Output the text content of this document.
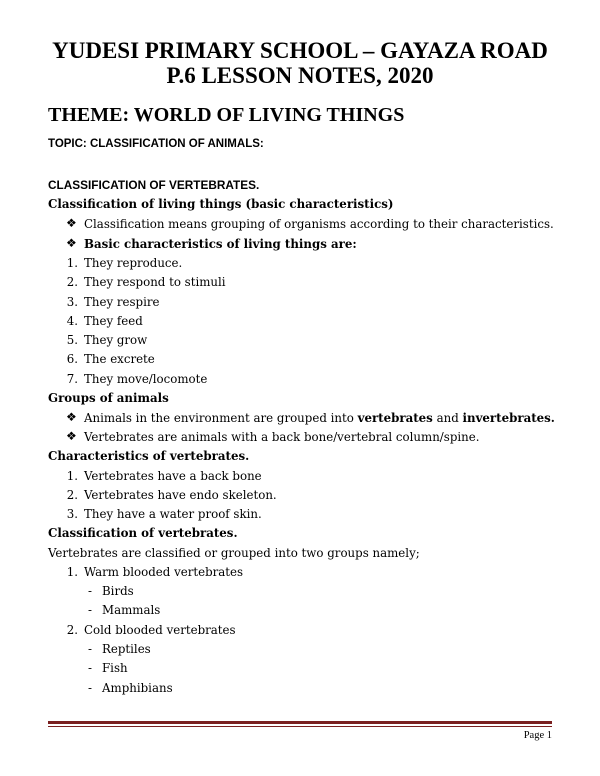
YUDESI PRIMARY SCHOOL – GAYAZA ROAD
P.6 LESSON NOTES, 2020
THEME: WORLD OF LIVING THINGS
TOPIC: CLASSIFICATION OF ANIMALS:
CLASSIFICATION OF VERTEBRATES.
Classification of living things (basic characteristics)
❖ Classification means grouping of organisms according to their characteristics.
❖ Basic characteristics of living things are:
1. They reproduce.
2. They respond to stimuli
3. They respire
4. They feed
5. They grow
6. The excrete
7. They move/locomote
Groups of animals
❖ Animals in the environment are grouped into vertebrates and invertebrates.
❖ Vertebrates are animals with a back bone/vertebral column/spine.
Characteristics of vertebrates.
1. Vertebrates have a back bone
2. Vertebrates have endo skeleton.
3. They have a water proof skin.
Classification of vertebrates.
Vertebrates are classified or grouped into two groups namely;
1. Warm blooded vertebrates
- Birds
- Mammals
2. Cold blooded vertebrates
- Reptiles
- Fish
- Amphibians
Page 1
